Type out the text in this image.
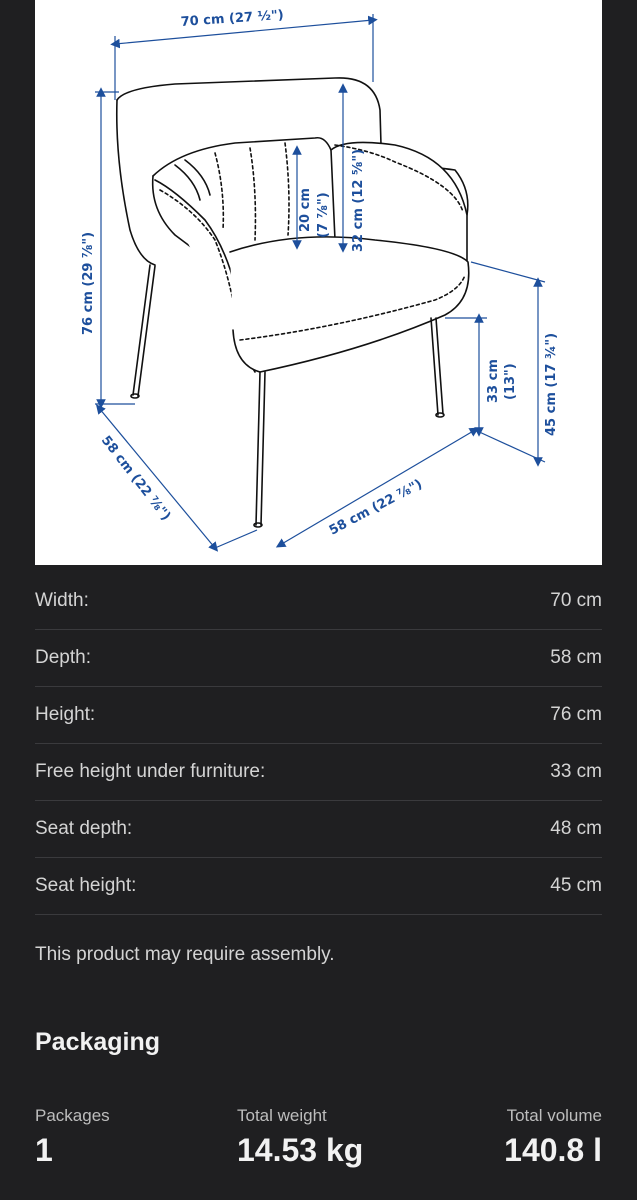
70 cm (27 ½")
76 cm (29 ⅞")
58 cm (22 ⅞")	58 cm (22 ⅞")
32 cm (12 ⅝")
20 cm (7 ⅞")
33 cm (13") 45 cm (17 ¾")
Width:	70 cm
Depth:	58 cm
Height:	76 cm
Free height under furniture:	33 cm
Seat depth:	48 cm
Seat height:	45 cm
This product may require assembly.
Packaging
Packages
1
Total weight
14.53 kg
Total volume
140.8 l
